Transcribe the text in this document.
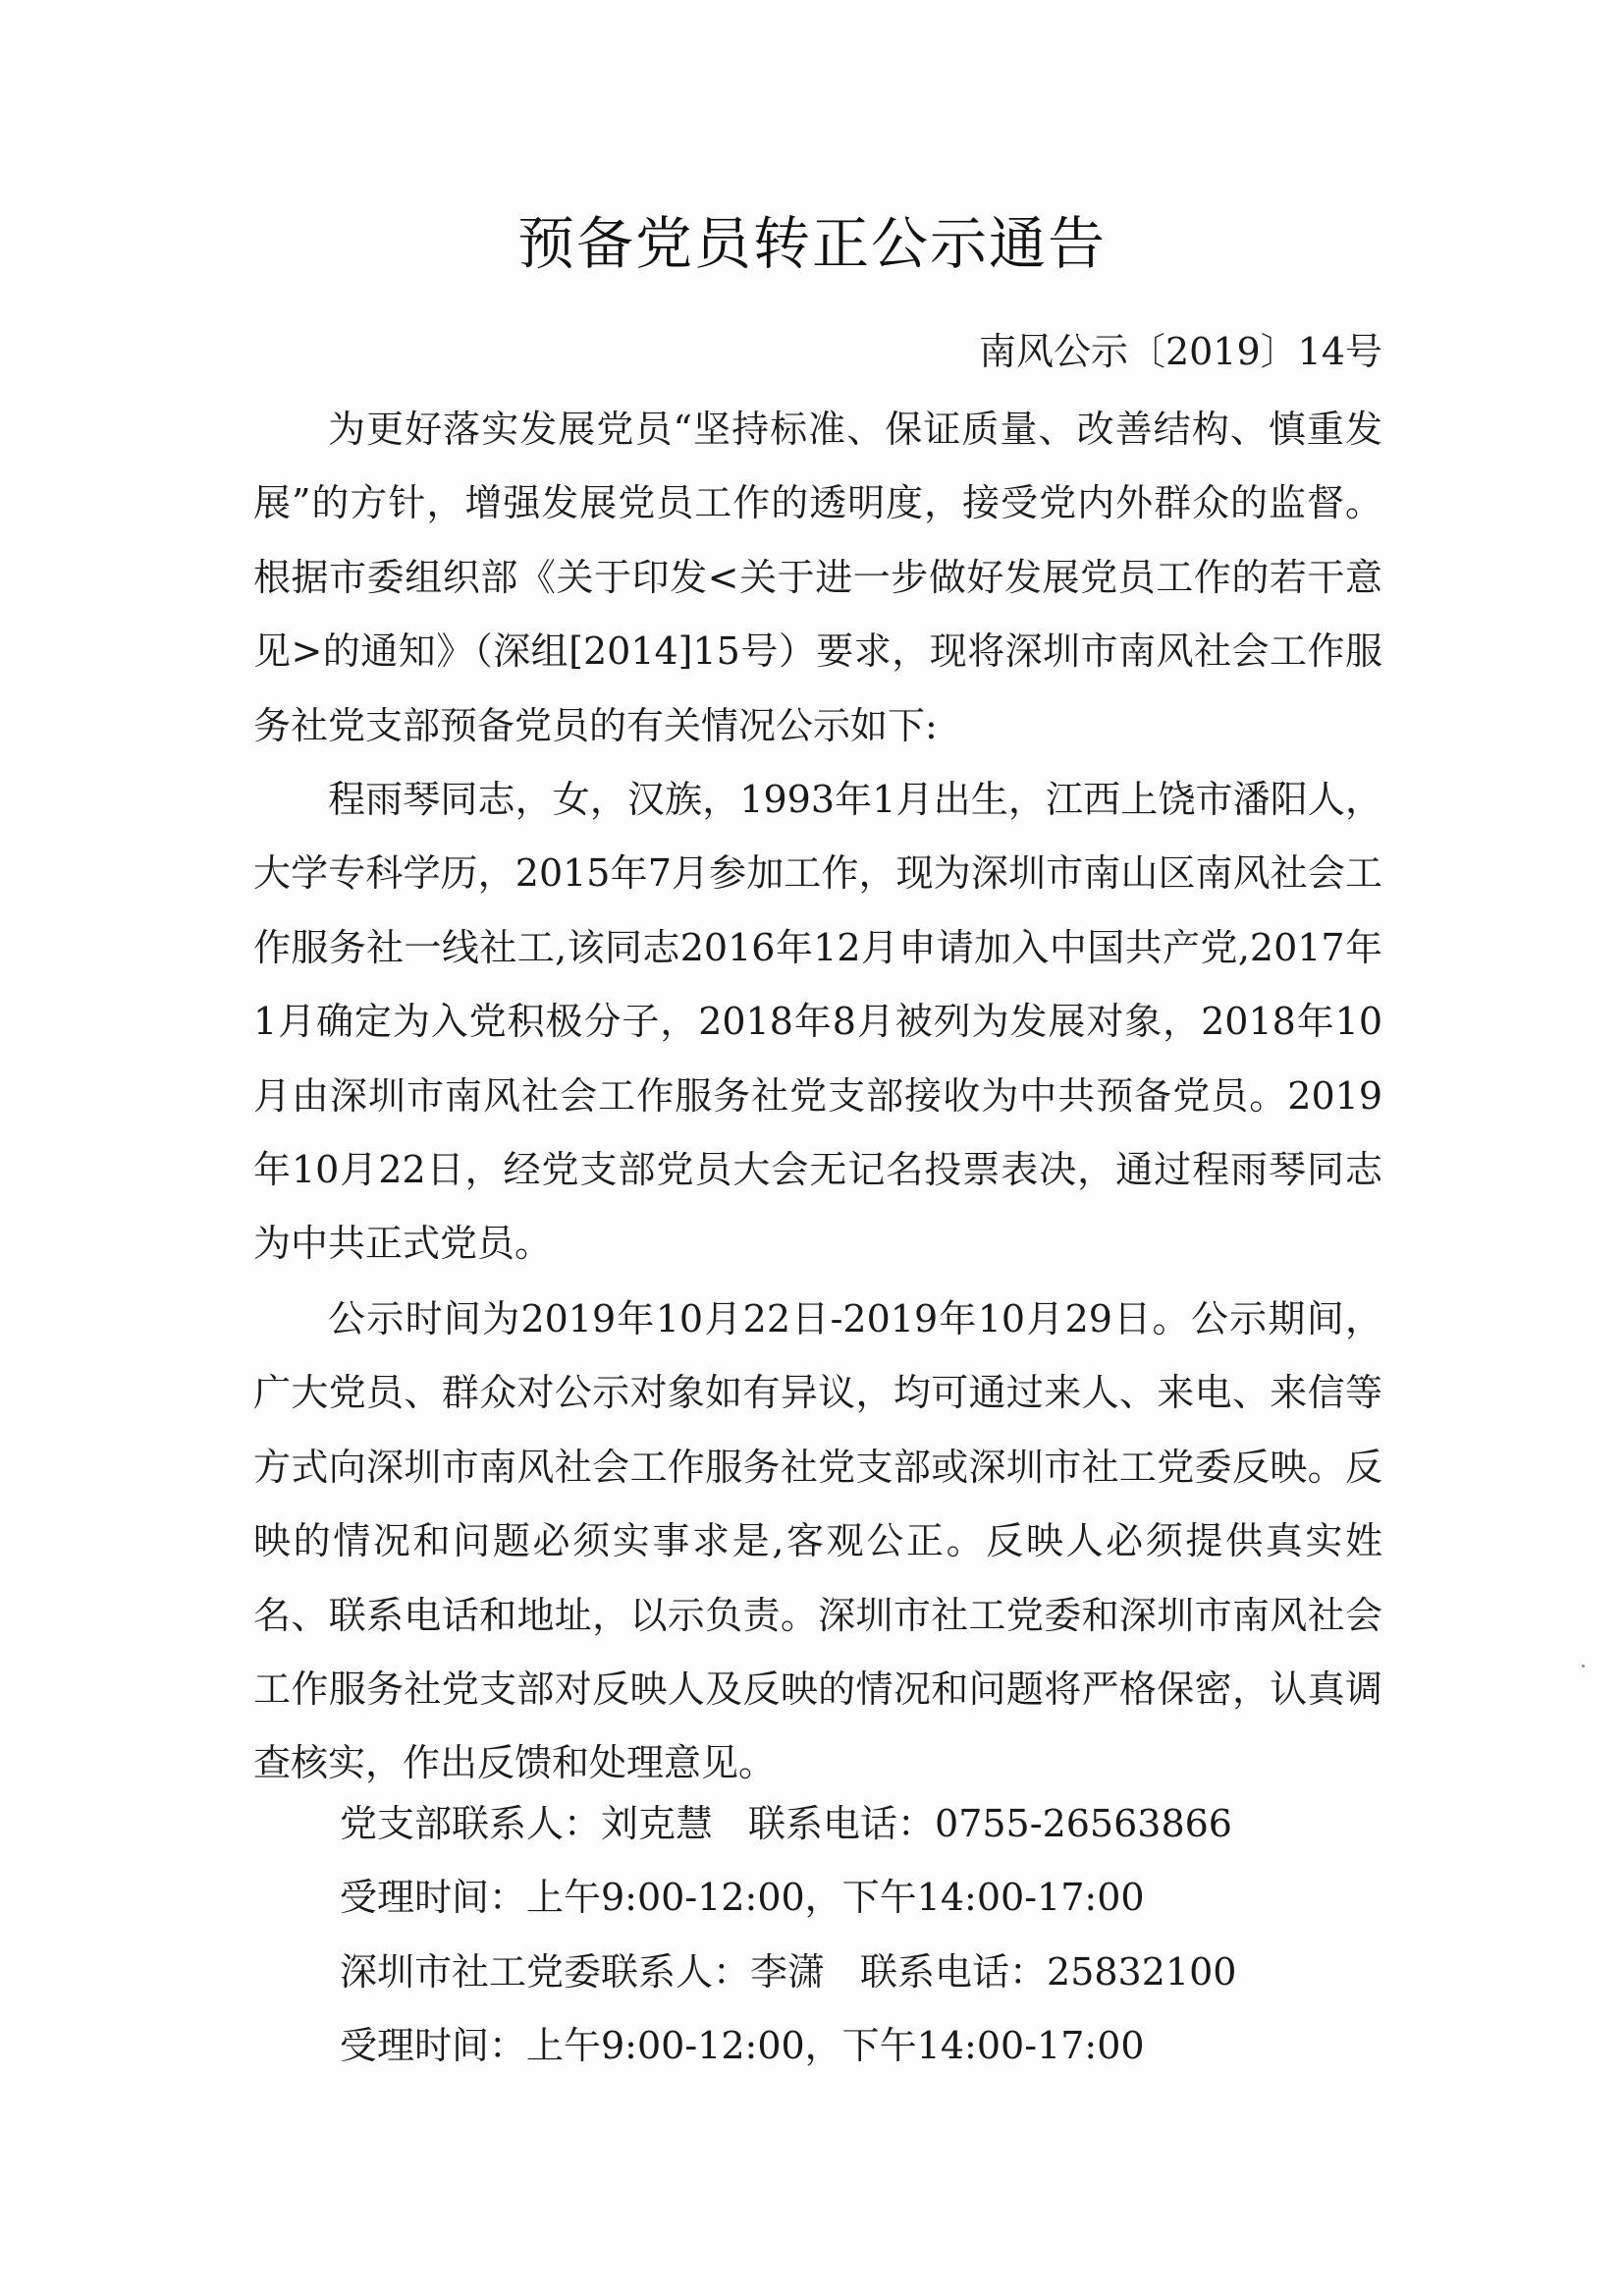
预备党员转正公示通告
南风公示〔2019〕14号

为更好落实发展党员“坚持标准、保证质量、改善结构、慎重发展”的方针，增强发展党员工作的透明度，接受党内外群众的监督。根据市委组织部《关于印发<关于进一步做好发展党员工作的若干意见>的通知》（深组[2014]15号）要求，现将深圳市南风社会工作服务社党支部预备党员的有关情况公示如下:

程雨琴同志，女，汉族，1993年1月出生，江西上饶市潘阳人，大学专科学历，2015年7月参加工作，现为深圳市南山区南风社会工作服务社一线社工,该同志2016年12月申请加入中国共产党,2017年1月确定为入党积极分子，2018年8月被列为发展对象，2018年10月由深圳市南风社会工作服务社党支部接收为中共预备党员。2019年10月22日，经党支部党员大会无记名投票表决，通过程雨琴同志为中共正式党员。

公示时间为2019年10月22日-2019年10月29日。公示期间，广大党员、群众对公示对象如有异议，均可通过来人、来电、来信等方式向深圳市南风社会工作服务社党支部或深圳市社工党委反映。反映的情况和问题必须实事求是,客观公正。反映人必须提供真实姓名、联系电话和地址，以示负责。深圳市社工党委和深圳市南风社会工作服务社党支部对反映人及反映的情况和问题将严格保密，认真调查核实，作出反馈和处理意见。

党支部联系人：刘克慧 联系电话：0755-26563866
受理时间：上午9:00-12:00，下午14:00-17:00
深圳市社工党委联系人：李潇 联系电话：25832100
受理时间：上午9:00-12:00，下午14:00-17:00
